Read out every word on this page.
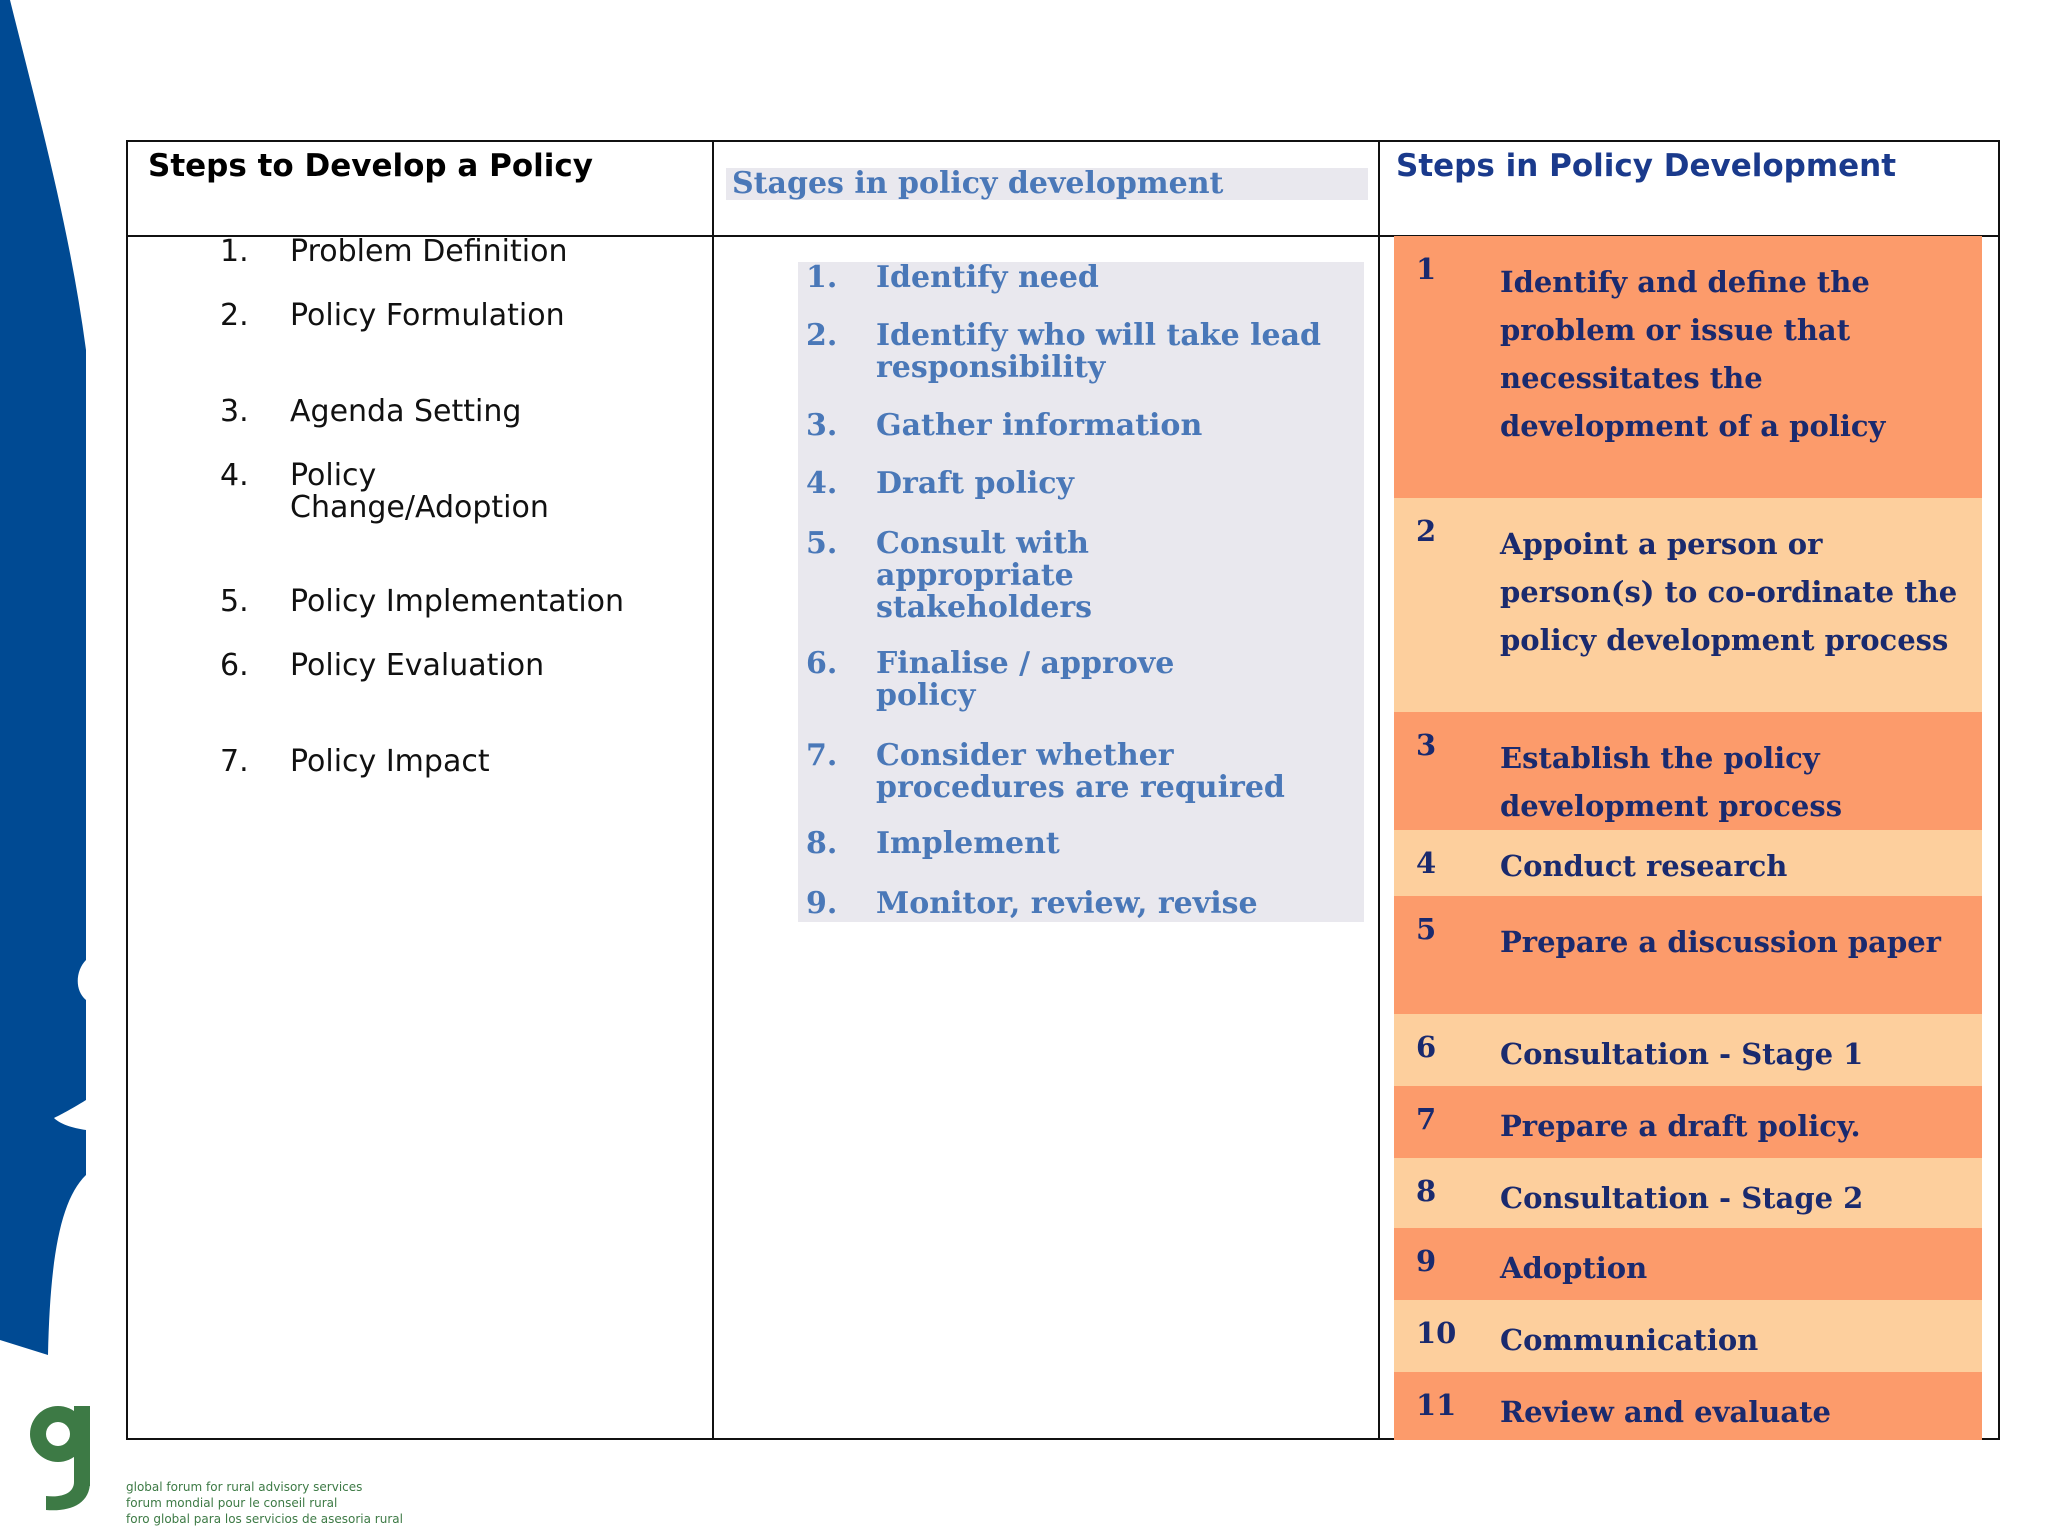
Steps to Develop a Policy	Stages in policy development	Steps in Policy Development
1. Problem Definition
2. Policy Formulation
3. Agenda Setting
4. Policy Change/Adoption
5. Policy Implementation
6. Policy Evaluation
7. Policy Impact
1. Identify need
2. Identify who will take lead responsibility
3. Gather information
4. Draft policy
5. Consult with appropriate stakeholders
6. Finalise / approve policy
7. Consider whether procedures are required
8. Implement
9. Monitor, review, revise
1 Identify and define the problem or issue that necessitates the development of a policy
2 Appoint a person or person(s) to co-ordinate the policy development process
3 Establish the policy development process
4 Conduct research
5 Prepare a discussion paper
6 Consultation - Stage 1
7 Prepare a draft policy.
8 Consultation - Stage 2
9 Adoption
10 Communication
11 Review and evaluate
global forum for rural advisory services
forum mondial pour le conseil rural
foro global para los servicios de asesoria rural
